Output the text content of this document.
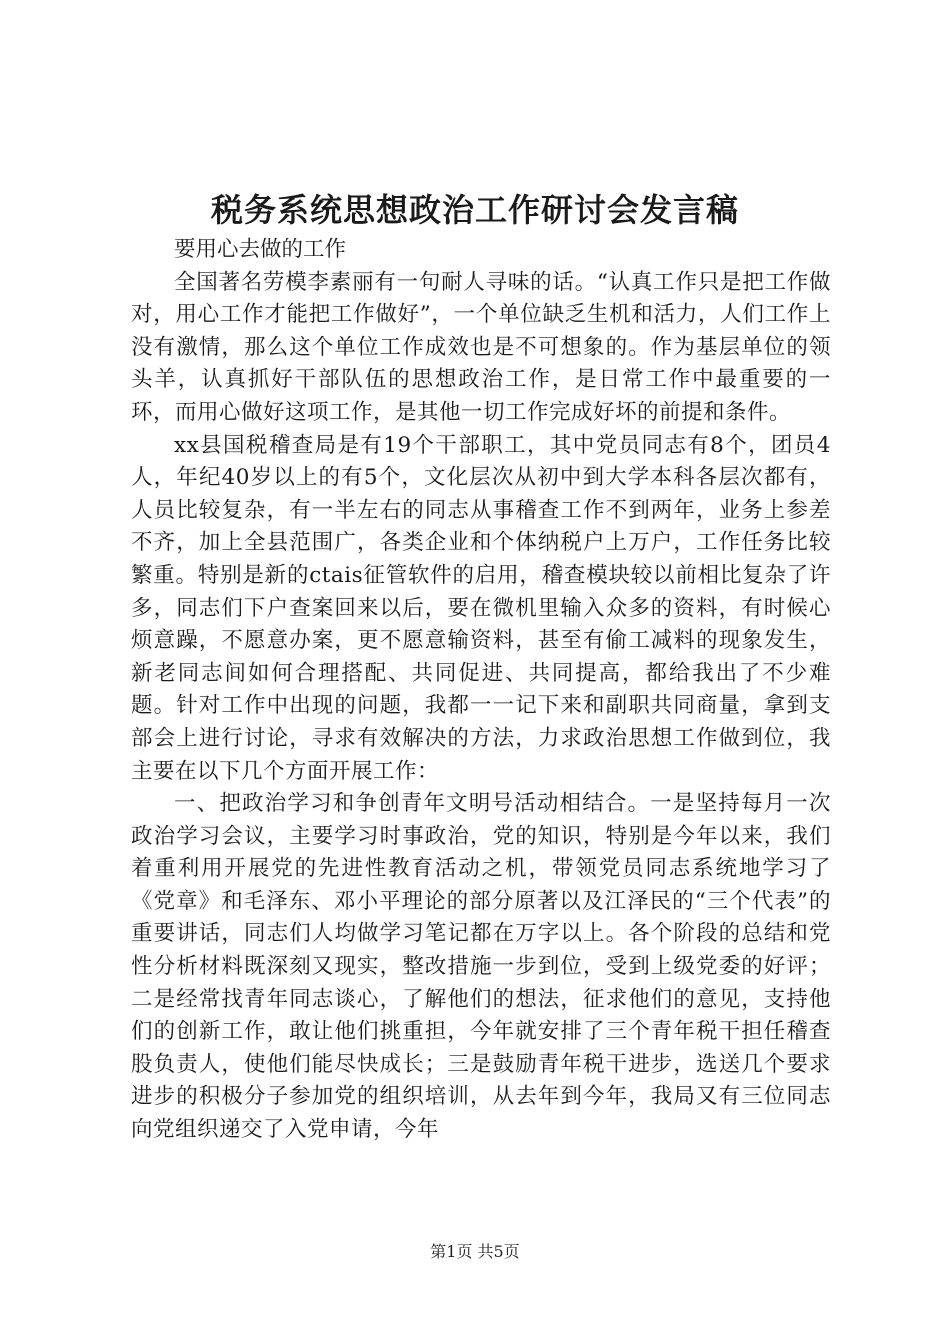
税务系统思想政治工作研讨会发言稿

要用心去做的工作

全国著名劳模李素丽有一句耐人寻味的话。“认真工作只是把工作做对，用心工作才能把工作做好”，一个单位缺乏生机和活力，人们工作上没有激情，那么这个单位工作成效也是不可想象的。作为基层单位的领头羊，认真抓好干部队伍的思想政治工作，是日常工作中最重要的一环，而用心做好这项工作，是其他一切工作完成好坏的前提和条件。

xx县国税稽查局是有19个干部职工，其中党员同志有8个，团员4人，年纪40岁以上的有5个，文化层次从初中到大学本科各层次都有，人员比较复杂，有一半左右的同志从事稽查工作不到两年，业务上参差不齐，加上全县范围广，各类企业和个体纳税户上万户，工作任务比较繁重。特别是新的ctais征管软件的启用，稽查模块较以前相比复杂了许多，同志们下户查案回来以后，要在微机里输入众多的资料，有时候心烦意躁，不愿意办案，更不愿意输资料，甚至有偷工减料的现象发生，新老同志间如何合理搭配、共同促进、共同提高，都给我出了不少难题。针对工作中出现的问题，我都一一记下来和副职共同商量，拿到支部会上进行讨论，寻求有效解决的方法，力求政治思想工作做到位，我主要在以下几个方面开展工作：

一、把政治学习和争创青年文明号活动相结合。一是坚持每月一次政治学习会议，主要学习时事政治，党的知识，特别是今年以来，我们着重利用开展党的先进性教育活动之机，带领党员同志系统地学习了《党章》和毛泽东、邓小平理论的部分原著以及江泽民的“三个代表”的重要讲话，同志们人均做学习笔记都在万字以上。各个阶段的总结和党性分析材料既深刻又现实，整改措施一步到位，受到上级党委的好评；二是经常找青年同志谈心，了解他们的想法，征求他们的意见，支持他们的创新工作，敢让他们挑重担，今年就安排了三个青年税干担任稽查股负责人，使他们能尽快成长；三是鼓励青年税干进步，选送几个要求进步的积极分子参加党的组织培训，从去年到今年，我局又有三位同志向党组织递交了入党申请，今年

第1页 共5页
